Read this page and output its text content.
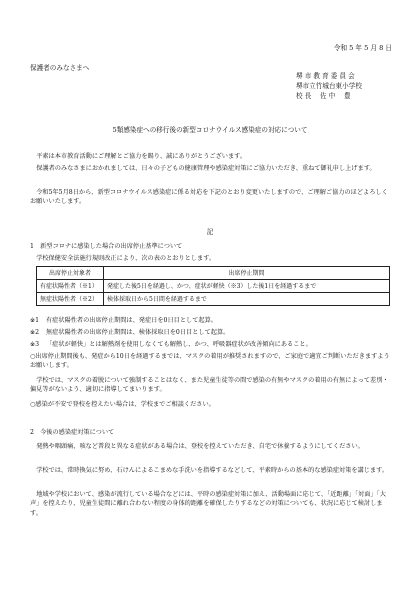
令和 5 年 5 月 8 日
保護者のみなさまへ
堺 市 教 育 委 員 会
堺市立竹城台東小学校
校 長　 佐 中　 豊
5類感染症への移行後の新型コロナウイルス感染症の対応について
平素は本市教育活動にご理解とご協力を賜り、誠にありがとうございます。
保護者のみなさまにおかれましては、日々の子どもの健康管理や感染症対策にご協力いただき、重ねて御礼申し上げます。
令和5年5月8日から、新型コロナウイルス感染症に係る対応を下記のとおり変更いたしますので、ご理解ご協力のほどよろしくお願いいたします。
記
1　新型コロナに感染した場合の出席停止基準について
学校保健安全法施行規則改正により、次の表のとおりとします。
出席停止対象者	出席停止期間
有症状陽性者（※1）	発症した後5日を経過し、かつ、症状が軽快（※3）した後1日を経過するまで
無症状陽性者（※2）	検体採取日から5日間を経過するまで
※1 有症状陽性者の出席停止期間は、発症日を0日目として起算。
※2 無症状陽性者の出席停止期間は、検体採取日を0日目として起算。
※3 「症状が軽快」とは解熱剤を使用しなくても解熱し、かつ、呼吸器症状が改善傾向にあること。
○出席停止期間後も、発症から10日を経過するまでは、マスクの着用が推奨されますので、ご家庭で適宜ご判断いただきますようお願いします。
学校では、マスクの着脱について強制することはなく、また児童生徒等の間で感染の有無やマスクの着用の有無によって差別・偏見等がないよう、適切に指導してまいります。
○感染が不安で登校を控えたい場合は、学校までご相談ください。
2　今後の感染症対策について
発熱や咽頭痛、咳など普段と異なる症状がある場合は、登校を控えていただき、自宅で休養するようにしてください。
学校では、常時換気に努め、石けんによるこまめな手洗いを指導するなどして、平素時からの基本的な感染症対策を講じます。
地域や学校において、感染が流行している場合などには、平時の感染症対策に加え、活動場面に応じて、「近距離」「対面」「大声」を控えたり、児童生徒間に離れ合わない程度の身体的距離を確保したりするなどの対策についても、状況に応じて検討します。
